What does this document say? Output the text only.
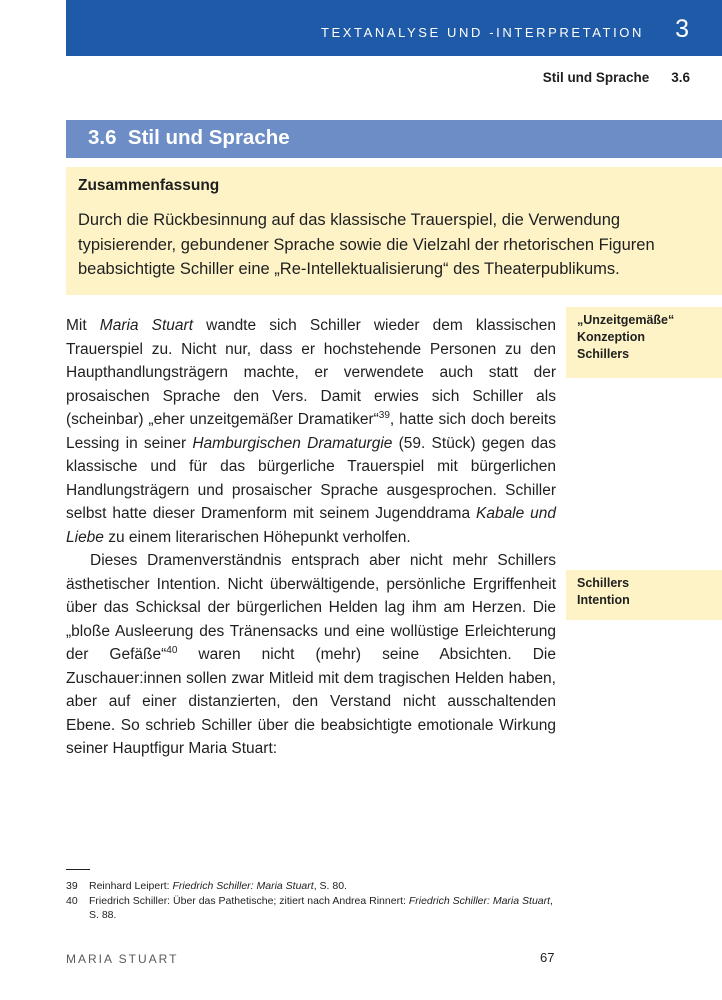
TEXTANALYSE UND -INTERPRETATION 3
Stil und Sprache 3.6
3.6 Stil und Sprache
Zusammenfassung
Durch die Rückbesinnung auf das klassische Trauerspiel, die Verwendung typisierender, gebundener Sprache sowie die Vielzahl der rhetorischen Figuren beabsichtigte Schiller eine „Re-Intellektualisierung“ des Theaterpublikums.

Mit Maria Stuart wandte sich Schiller wieder dem klassischen Trauerspiel zu. Nicht nur, dass er hochstehende Personen zu den Haupthandlungsträgern machte, er verwendete auch statt der prosaischen Sprache den Vers. Damit erwies sich Schiller als (scheinbar) „eher unzeitgemäßer Dramatiker“$^{39}$, hatte sich doch bereits Lessing in seiner Hamburgischen Dramaturgie (59. Stück) gegen das klassische und für das bürgerliche Trauerspiel mit bürgerlichen Handlungsträgern und prosaischer Sprache ausgesprochen. Schiller selbst hatte dieser Dramenform mit seinem Jugenddrama Kabale und Liebe zu einem literarischen Höhepunkt verholfen.

Dieses Dramenverständnis entsprach aber nicht mehr Schillers ästhetischer Intention. Nicht überwältigende, persönliche Ergriffenheit über das Schicksal der bürgerlichen Helden lag ihm am Herzen. Die „bloße Ausleerung des Tränensacks und eine wollüstige Erleichterung der Gefäße“$^{40}$ waren nicht (mehr) seine Absichten. Die Zuschauer:innen sollen zwar Mitleid mit dem tragischen Helden haben, aber auf einer distanzierten, den Verstand nicht ausschaltenden Ebene. So schrieb Schiller über die beabsichtigte emotionale Wirkung seiner Hauptfigur Maria Stuart:

„Unzeitgemäße“
Konzeption
Schillers
Schillers
Intention
39	Reinhard Leipert: Friedrich Schiller: Maria Stuart, S. 80.
40	Friedrich Schiller: Über das Pathetische; zitiert nach Andrea Rinnert: Friedrich Schiller: Maria Stuart, S. 88.
MARIA STUART	67
